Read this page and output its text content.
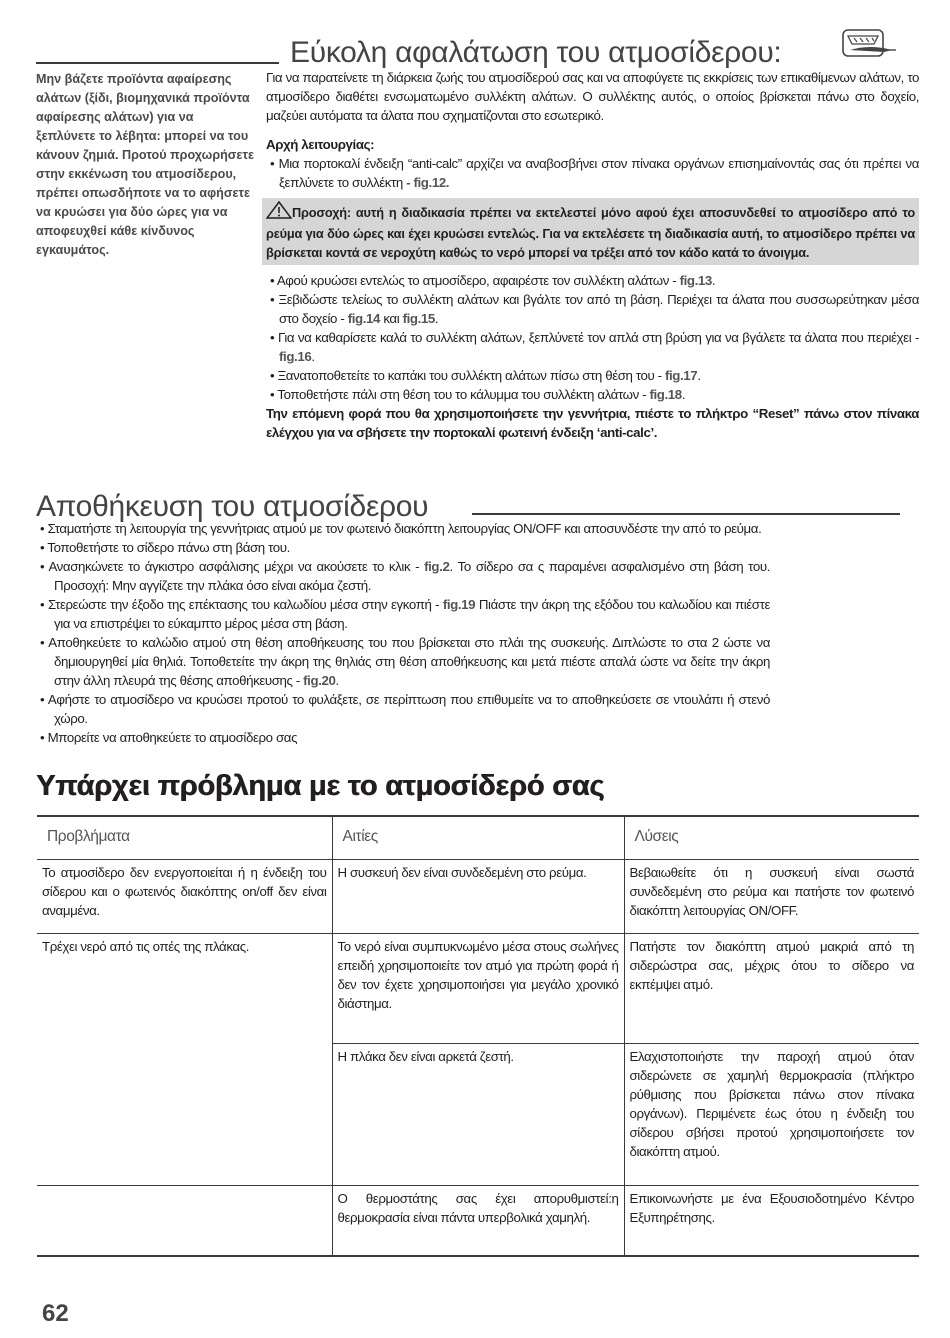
Εύκολη αφαλάτωση του ατμοσίδερου:
Μην βάζετε προϊόντα αφαίρεσης αλάτων (ξίδι, βιομηχανικά προϊόντα αφαίρεσης αλάτων) για να ξεπλύνετε το λέβητα: μπορεί να του κάνουν ζημιά. Προτού προχωρήσετε στην εκκένωση του ατμοσίδερου, πρέπει οπωσδήποτε να το αφήσετε να κρυώσει για δύο ώρες για να αποφευχθεί κάθε κίνδυνος εγκαυμάτος.

Για να παρατείνετε τη διάρκεια ζωής του ατμοσίδερού σας και να αποφύγετε τις εκκρίσεις των επικαθίμενων αλάτων, το ατμοσίδερο διαθέτει ενσωματωμένο συλλέκτη αλάτων. Ο συλλέκτης αυτός, ο οποίος βρίσκεται πάνω στο δοχείο, μαζεύει αυτόματα τα άλατα που σχηματίζονται στο εσωτερικό.

Αρχή λειτουργίας:

• Μια πορτοκαλί ένδειξη “anti-calc” αρχίζει να αναβοσβήνει στον πίνακα οργάνων επισημαίνοντάς σας ότι πρέπει να ξεπλύνετε το συλλέκτη - fig.12.

Προσοχή: αυτή η διαδικασία πρέπει να εκτελεστεί μόνο αφού έχει αποσυνδεθεί το ατμοσίδερο από το ρεύμα για δύο ώρες και έχει κρυώσει εντελώς. Για να εκτελέσετε τη διαδικασία αυτή, το ατμοσίδερο πρέπει να βρίσκεται κοντά σε νεροχύτη καθώς το νερό μπορεί να τρέξει από τον κάδο κατά το άνοιγμα.

• Αφού κρυώσει εντελώς το ατμοσίδερο, αφαιρέστε τον συλλέκτη αλάτων - fig.13.

• Ξεβιδώστε τελείως το συλλέκτη αλάτων και βγάλτε τον από τη βάση. Περιέχει τα άλατα που συσσωρεύτηκαν μέσα στο δοχείο - fig.14 και fig.15.

• Για να καθαρίσετε καλά το συλλέκτη αλάτων, ξεπλύνετέ τον απλά στη βρύση για να βγάλετε τα άλατα που περιέχει - fig.16.

• Ξανατοποθετείτε το καπάκι του συλλέκτη αλάτων πίσω στη θέση του - fig.17.

• Τοποθετήστε πάλι στη θέση του το κάλυμμα του συλλέκτη αλάτων - fig.18.

Την επόμενη φορά που θα χρησιμοποιήσετε την γεννήτρια, πιέστε το πλήκτρο “Reset” πάνω στον πίνακα ελέγχου για να σβήσετε την πορτοκαλί φωτεινή ένδειξη ‘anti-calc’.

Αποθήκευση του ατμοσίδερου

• Σταματήστε τη λειτουργία της γεννήτριας ατμού με τον φωτεινό διακόπτη λειτουργίας ON/OFF και αποσυνδέστε την από το ρεύμα.

• Τοποθετήστε το σίδερο πάνω στη βάση του.

• Ανασηκώνετε το άγκιστρο ασφάλισης μέχρι να ακούσετε το κλικ - fig.2. Το σίδερο σα ς παραμένει ασφαλισμένο στη βάση του. Προσοχή: Μην αγγίζετε την πλάκα όσο είναι ακόμα ζεστή.

• Στερεώστε την έξοδο της επέκτασης του καλωδίου μέσα στην εγκοπή - fig.19 Πιάστε την άκρη της εξόδου του καλωδίου και πιέστε για να επιστρέψει το εύκαμπτο μέρος μέσα στη βάση.

• Αποθηκεύετε το καλώδιο ατμού στη θέση αποθήκευσης του που βρίσκεται στο πλάι της συσκευής. Διπλώστε το στα 2 ώστε να δημιουργηθεί μία θηλιά. Τοποθετείτε την άκρη της θηλιάς στη θέση αποθήκευσης και μετά πιέστε απαλά ώστε να δείτε την άκρη στην άλλη πλευρά της θέσης αποθήκευσης - fig.20.

• Αφήστε το ατμοσίδερο να κρυώσει προτού το φυλάξετε, σε περίπτωση που επιθυμείτε να το αποθηκεύσετε σε ντουλάπι ή στενό χώρο.

• Μπορείτε να αποθηκεύετε το ατμοσίδερο σας

Υπάρχει πρόβλημα με το ατμοσίδερό σας
Προβλήματα	Αιτίες	Λύσεις
Το ατμοσίδερο δεν ενεργοποιείται ή η ένδειξη του σίδερου και ο φωτεινός διακόπτης on/off δεν είναι αναμμένα.	Η συσκευή δεν είναι συνδεδεμένη στο ρεύμα.	Βεβαιωθείτε ότι η συσκευή είναι σωστά συνδεδεμένη στο ρεύμα και πατήστε τον φωτεινό διακόπτη λειτουργίας ON/OFF.
Τρέχει νερό από τις οπές της πλάκας.	Το νερό είναι συμπυκνωμένο μέσα στους σωλήνες επειδή χρησιμοποιείτε τον ατμό για πρώτη φορά ή δεν τον έχετε χρησιμοποιήσει για μεγάλο χρονικό διάστημα.	Πατήστε τον διακόπτη ατμού μακριά από τη σιδερώστρα σας, μέχρις ότου το σίδερο να εκπέμψει ατμό.
	Η πλάκα δεν είναι αρκετά ζεστή.	Ελαχιστοποιήστε την παροχή ατμού όταν σιδερώνετε σε χαμηλή θερμοκρασία (πλήκτρο ρύθμισης που βρίσκεται πάνω στον πίνακα οργάνων). Περιμένετε έως ότου η ένδειξη του σίδερου σβήσει προτού χρησιμοποιήσετε τον διακόπτη ατμού.
	Ο θερμοστάτης σας έχει απορυθμιστεί:η θερμοκρασία είναι πάντα υπερβολικά χαμηλή.	Επικοινωνήστε με ένα Εξουσιοδοτημένο Κέντρο Εξυπηρέτησης.
62
